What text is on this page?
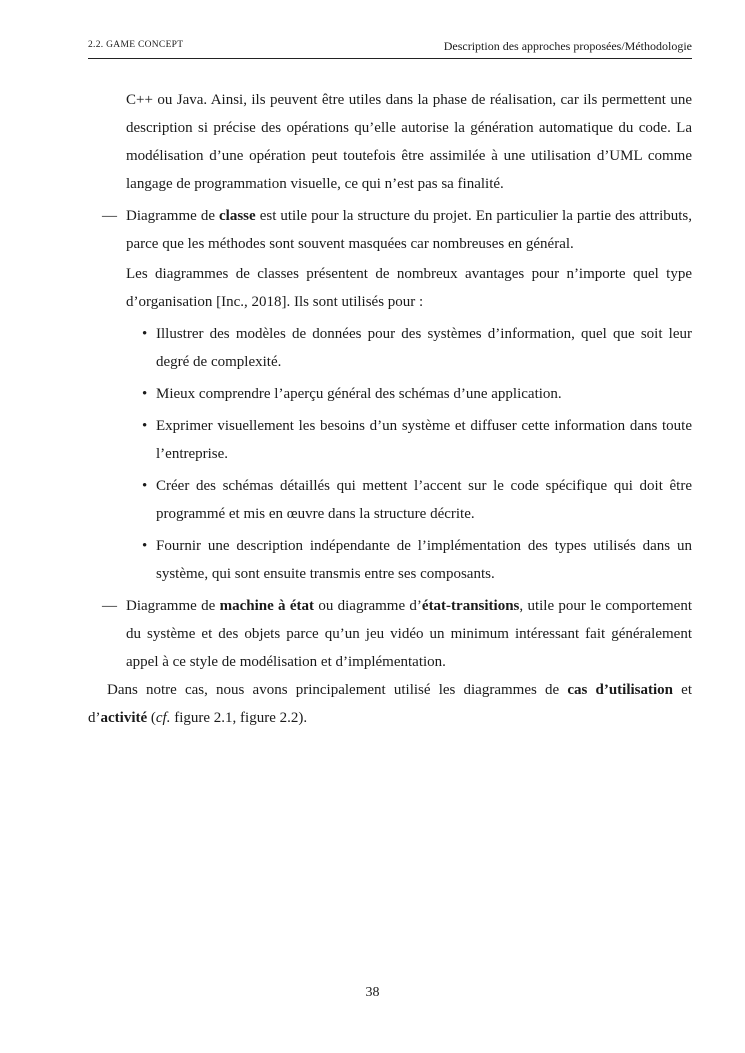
2.2. GAME CONCEPT	Description des approches proposées/Méthodologie

C++ ou Java. Ainsi, ils peuvent être utiles dans la phase de réalisation, car ils permettent une description si précise des opérations qu’elle autorise la génération automatique du code. La modélisation d’une opération peut toutefois être assimilée à une utilisation d’UML comme langage de programmation visuelle, ce qui n’est pas sa finalité.

— Diagramme de classe est utile pour la structure du projet. En particulier la partie des attributs, parce que les méthodes sont souvent masquées car nombreuses en général.

Les diagrammes de classes présentent de nombreux avantages pour n’importe quel type d’organisation [Inc., 2018]. Ils sont utilisés pour :

• Illustrer des modèles de données pour des systèmes d’information, quel que soit leur degré de complexité.
• Mieux comprendre l’aperçu général des schémas d’une application.
• Exprimer visuellement les besoins d’un système et diffuser cette information dans toute l’entreprise.
• Créer des schémas détaillés qui mettent l’accent sur le code spécifique qui doit être programmé et mis en œuvre dans la structure décrite.
• Fournir une description indépendante de l’implémentation des types utilisés dans un système, qui sont ensuite transmis entre ses composants.
— Diagramme de machine à état ou diagramme d’état-transitions, utile pour le comportement du système et des objets parce qu’un jeu vidéo un minimum intéressant fait généralement appel à ce style de modélisation et d’implémentation.

Dans notre cas, nous avons principalement utilisé les diagrammes de cas d’utilisation et d’activité (cf. figure 2.1, figure 2.2).

38
